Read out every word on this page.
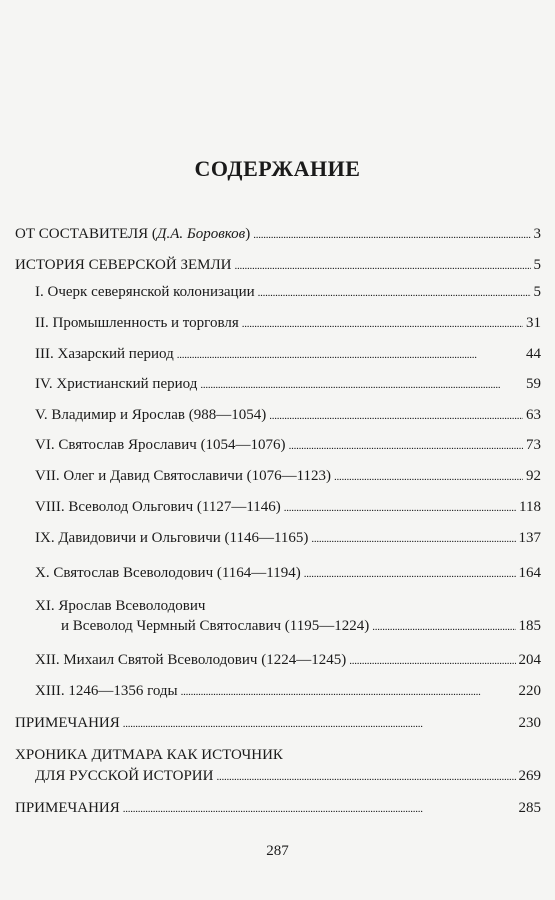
СОДЕРЖАНИЕ
ОТ СОСТАВИТЕЛЯ (Д.А. Боровков) . . .	3
ИСТОРИЯ СЕВЕРСКОЙ ЗЕМЛИ . . .	5
I. Очерк северянской колонизации . . .	5
II. Промышленность и торговля . . .	31
III. Хазарский период . . .	44
IV. Христианский период . . .	59
V. Владимир и Ярослав (988—1054) . . .	63
VI. Святослав Ярославич (1054—1076) . . .	73
VII. Олег и Давид Святославичи (1076—1123) . . .	92
VIII. Всеволод Ольгович (1127—1146) . . .	118
IX. Давидовичи и Ольговичи (1146—1165) . . .	137
X. Святослав Всеволодович (1164—1194) . . .	164
XI. Ярослав Всеволодович
и Всеволод Чермный Святославич (1195—1224) . . .	185
XII. Михаил Святой Всеволодович (1224—1245) . . .	204
XIII. 1246—1356 годы . . .	220
ПРИМЕЧАНИЯ . . .	230
ХРОНИКА ДИТМАРА КАК ИСТОЧНИК
ДЛЯ РУССКОЙ ИСТОРИИ . . .	269
ПРИМЕЧАНИЯ . . .	285
287
